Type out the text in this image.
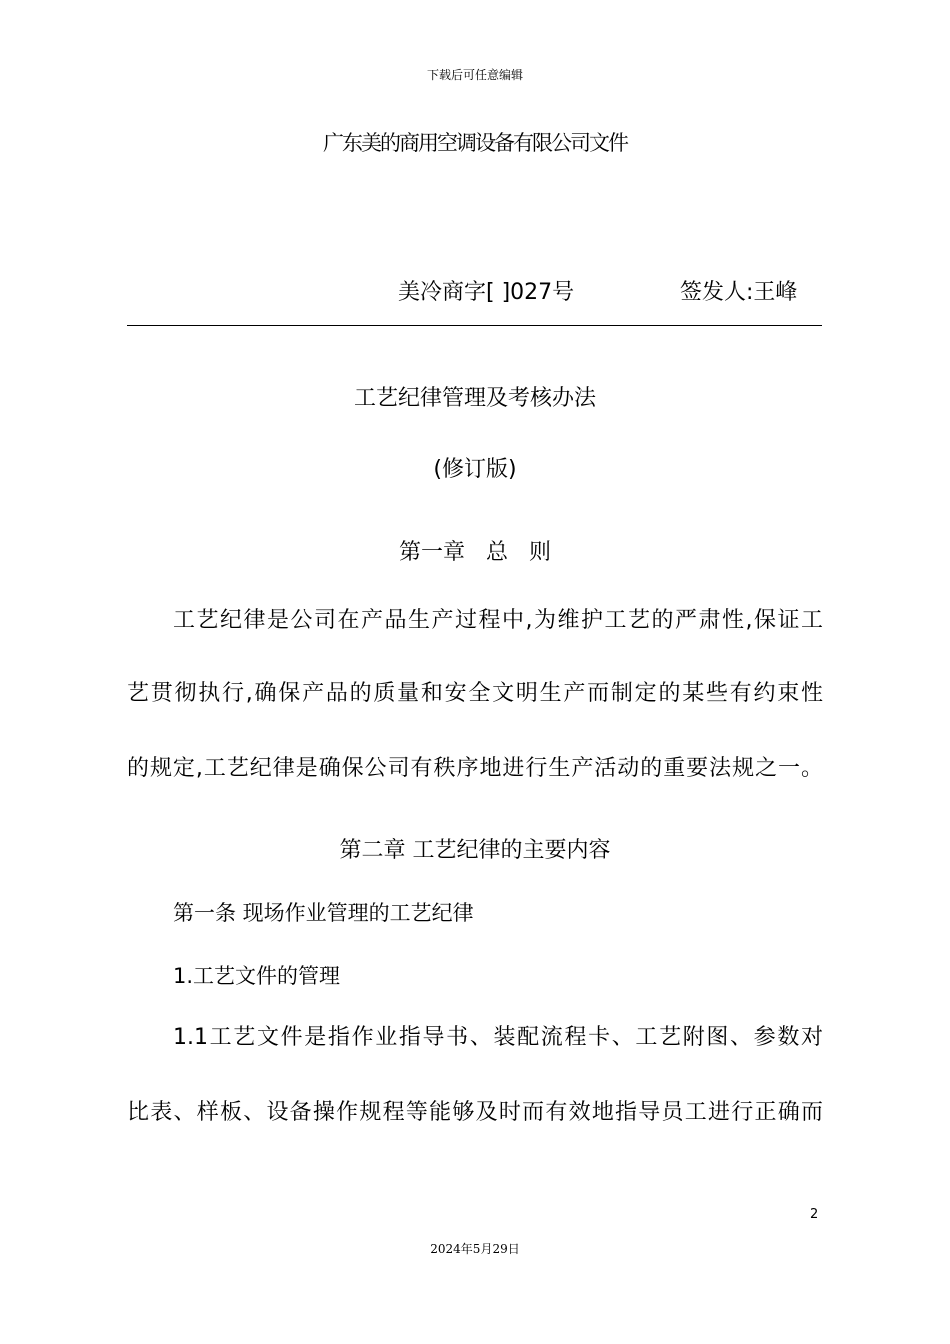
下载后可任意编辑
广东美的商用空调设备有限公司文件
美冷商字[ ]027号	签发人:王峰
工艺纪律管理及考核办法
(修订版)
第一章 总 则
工艺纪律是公司在产品生产过程中,为维护工艺的严肃性,保证工
艺贯彻执行,确保产品的质量和安全文明生产而制定的某些有约束性
的规定,工艺纪律是确保公司有秩序地进行生产活动的重要法规之一。
第二章 工艺纪律的主要内容
第一条 现场作业管理的工艺纪律
1.工艺文件的管理
1.1工艺文件是指作业指导书、装配流程卡、工艺附图、参数对
比表、样板、设备操作规程等能够及时而有效地指导员工进行正确而
2
2024年5月29日
